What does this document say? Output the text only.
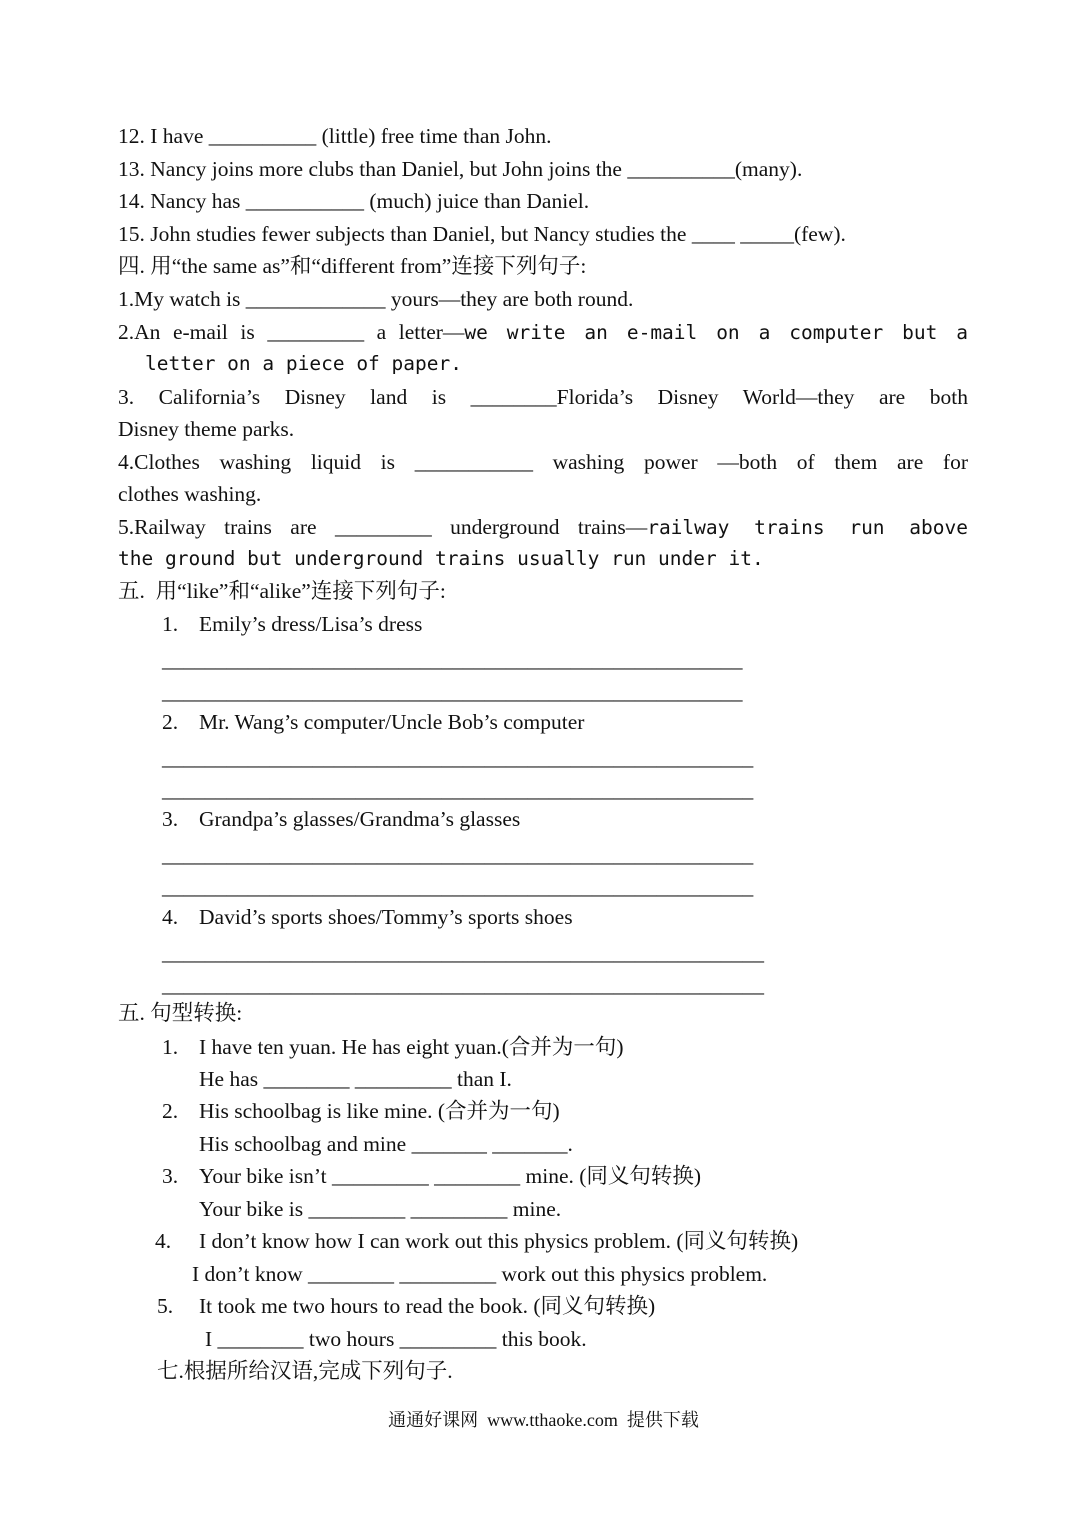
12. I have __________ (little) free time than John.
13. Nancy joins more clubs than Daniel, but John joins the __________(many).
14. Nancy has ___________ (much) juice than Daniel.
15. John studies fewer subjects than Daniel, but Nancy studies the ____ _____(few).
四. 用“the same as”和“different from”连接下列句子:
1.My watch is _____________ yours—they are both round.
2.An e-mail is _________ a letter—we write an e-mail on a computer but a
letter on a piece of paper.
3. California’s Disney land is ________Florida’s Disney World—they are both
Disney theme parks.
4.Clothes washing liquid is ___________ washing power —both of them are for
clothes washing.
5.Railway trains are _________ underground trains—railway trains run above
the ground but underground trains usually run under it.
五.  用“like”和“alike”连接下列句子:
1. Emily’s dress/Lisa’s dress
______________________________________________________
______________________________________________________
2. Mr. Wang’s computer/Uncle Bob’s computer
_______________________________________________________
_______________________________________________________
3. Grandpa’s glasses/Grandma’s glasses
_______________________________________________________
_______________________________________________________
4. David’s sports shoes/Tommy’s sports shoes
________________________________________________________
________________________________________________________
五. 句型转换:
1. I have ten yuan. He has eight yuan.(合并为一句)
He has ________ _________ than I.
2. His schoolbag is like mine. (合并为一句)
His schoolbag and mine _______ _______.
3. Your bike isn’t _________ ________ mine. (同义句转换)
Your bike is _________ _________ mine.
4. I don’t know how I can work out this physics problem. (同义句转换)
I don’t know ________ _________ work out this physics problem.
5. It took me two hours to read the book. (同义句转换)
I ________ two hours _________ this book.
七.根据所给汉语,完成下列句子.
通通好课网  www.tthaoke.com  提供下载
